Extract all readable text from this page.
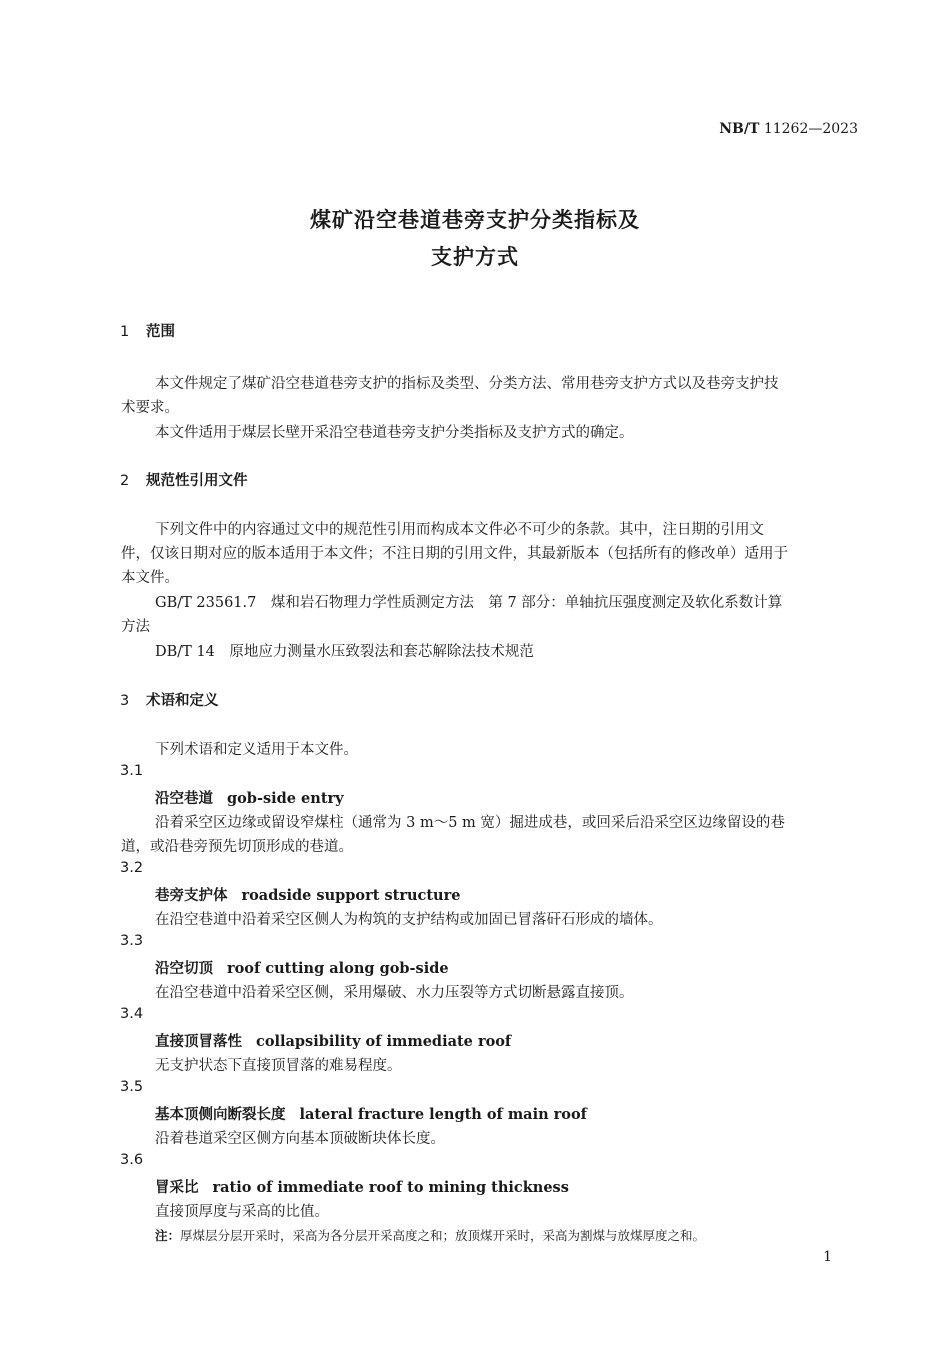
NB/T 11262—2023
煤矿沿空巷道巷旁支护分类指标及
支护方式
1 范围
本文件规定了煤矿沿空巷道巷旁支护的指标及类型、分类方法、常用巷旁支护方式以及巷旁支护技
术要求。
本文件适用于煤层长壁开采沿空巷道巷旁支护分类指标及支护方式的确定。
2 规范性引用文件
下列文件中的内容通过文中的规范性引用而构成本文件必不可少的条款。其中，注日期的引用文
件，仅该日期对应的版本适用于本文件；不注日期的引用文件，其最新版本（包括所有的修改单）适用于
本文件。
GB/T 23561.7　煤和岩石物理力学性质测定方法　第 7 部分：单轴抗压强度测定及软化系数计算
方法
DB/T 14　原地应力测量水压致裂法和套芯解除法技术规范
3 术语和定义
下列术语和定义适用于本文件。
3.1
沿空巷道 gob-side entry
沿着采空区边缘或留设窄煤柱（通常为 3 m～5 m 宽）掘进成巷，或回采后沿采空区边缘留设的巷
道，或沿巷旁预先切顶形成的巷道。
3.2
巷旁支护体 roadside support structure
在沿空巷道中沿着采空区侧人为构筑的支护结构或加固已冒落矸石形成的墙体。
3.3
沿空切顶 roof cutting along gob-side
在沿空巷道中沿着采空区侧，采用爆破、水力压裂等方式切断悬露直接顶。
3.4
直接顶冒落性 collapsibility of immediate roof
无支护状态下直接顶冒落的难易程度。
3.5
基本顶侧向断裂长度 lateral fracture length of main roof
沿着巷道采空区侧方向基本顶破断块体长度。
3.6
冒采比 ratio of immediate roof to mining thickness
直接顶厚度与采高的比值。
注：厚煤层分层开采时，采高为各分层开采高度之和；放顶煤开采时，采高为割煤与放煤厚度之和。
1
